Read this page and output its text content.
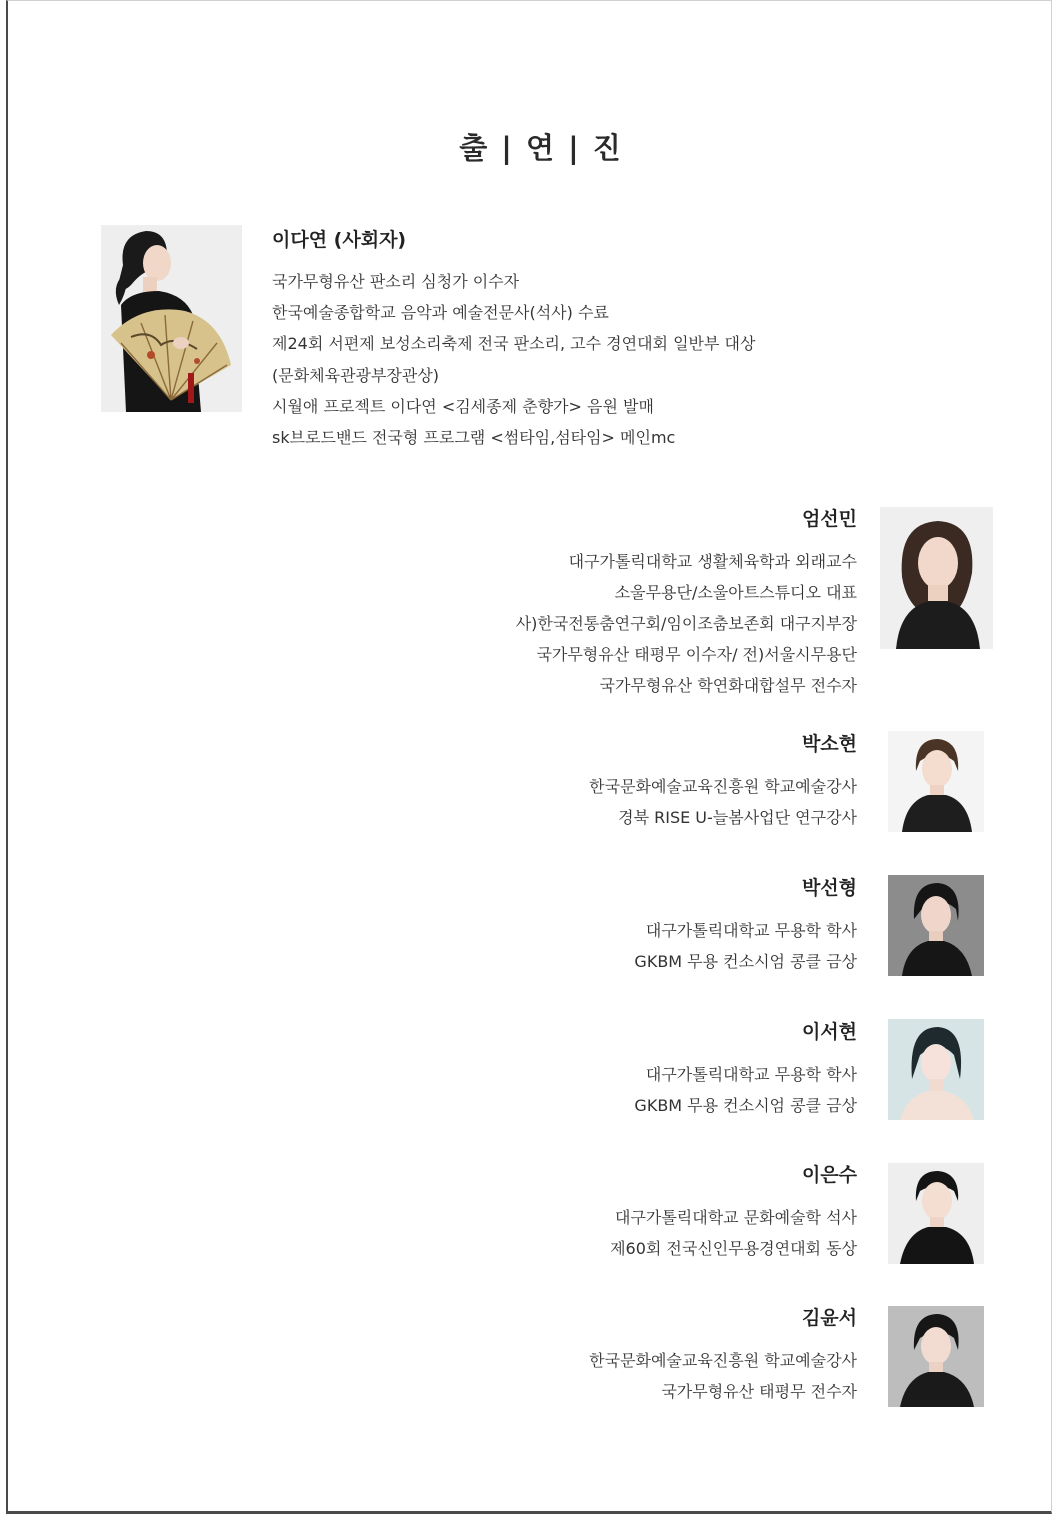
출 | 연 | 진
이다연 (사회자)
국가무형유산 판소리 심청가 이수자
한국예술종합학교 음악과 예술전문사(석사) 수료
제24회 서편제 보성소리축제 전국 판소리, 고수 경연대회 일반부 대상
(문화체육관광부장관상)
시월애 프로젝트 이다연 <김세종제 춘향가> 음원 발매
sk브로드밴드 전국형 프로그램 <썸타임,섬타임> 메인mc
엄선민
대구가톨릭대학교 생활체육학과 외래교수
소울무용단/소울아트스튜디오 대표
사)한국전통춤연구회/임이조춤보존회 대구지부장
국가무형유산 태평무 이수자/ 전)서울시무용단
국가무형유산 학연화대합설무 전수자
박소현
한국문화예술교육진흥원 학교예술강사
경북 RISE U-늘봄사업단 연구강사
박선형
대구가톨릭대학교 무용학 학사
GKBM 무용 컨소시엄 콩클 금상
이서현
대구가톨릭대학교 무용학 학사
GKBM 무용 컨소시엄 콩클 금상
이은수
대구가톨릭대학교 문화예술학 석사
제60회 전국신인무용경연대회 동상
김윤서
한국문화예술교육진흥원 학교예술강사
국가무형유산 태평무 전수자
